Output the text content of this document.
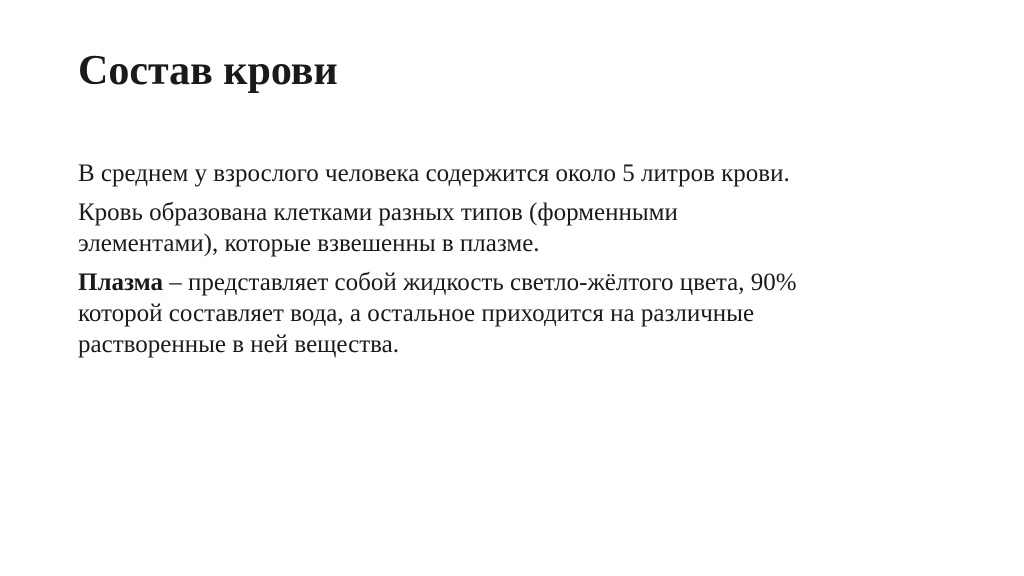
Состав крови

В среднем у взрослого человека содержится около 5 литров крови.

Кровь образована клетками разных типов (форменными
элементами), которые взвешенны в плазме.

Плазма – представляет собой жидкость светло-жёлтого цвета, 90%
которой составляет вода, а остальное приходится на различные
растворенные в ней вещества.
